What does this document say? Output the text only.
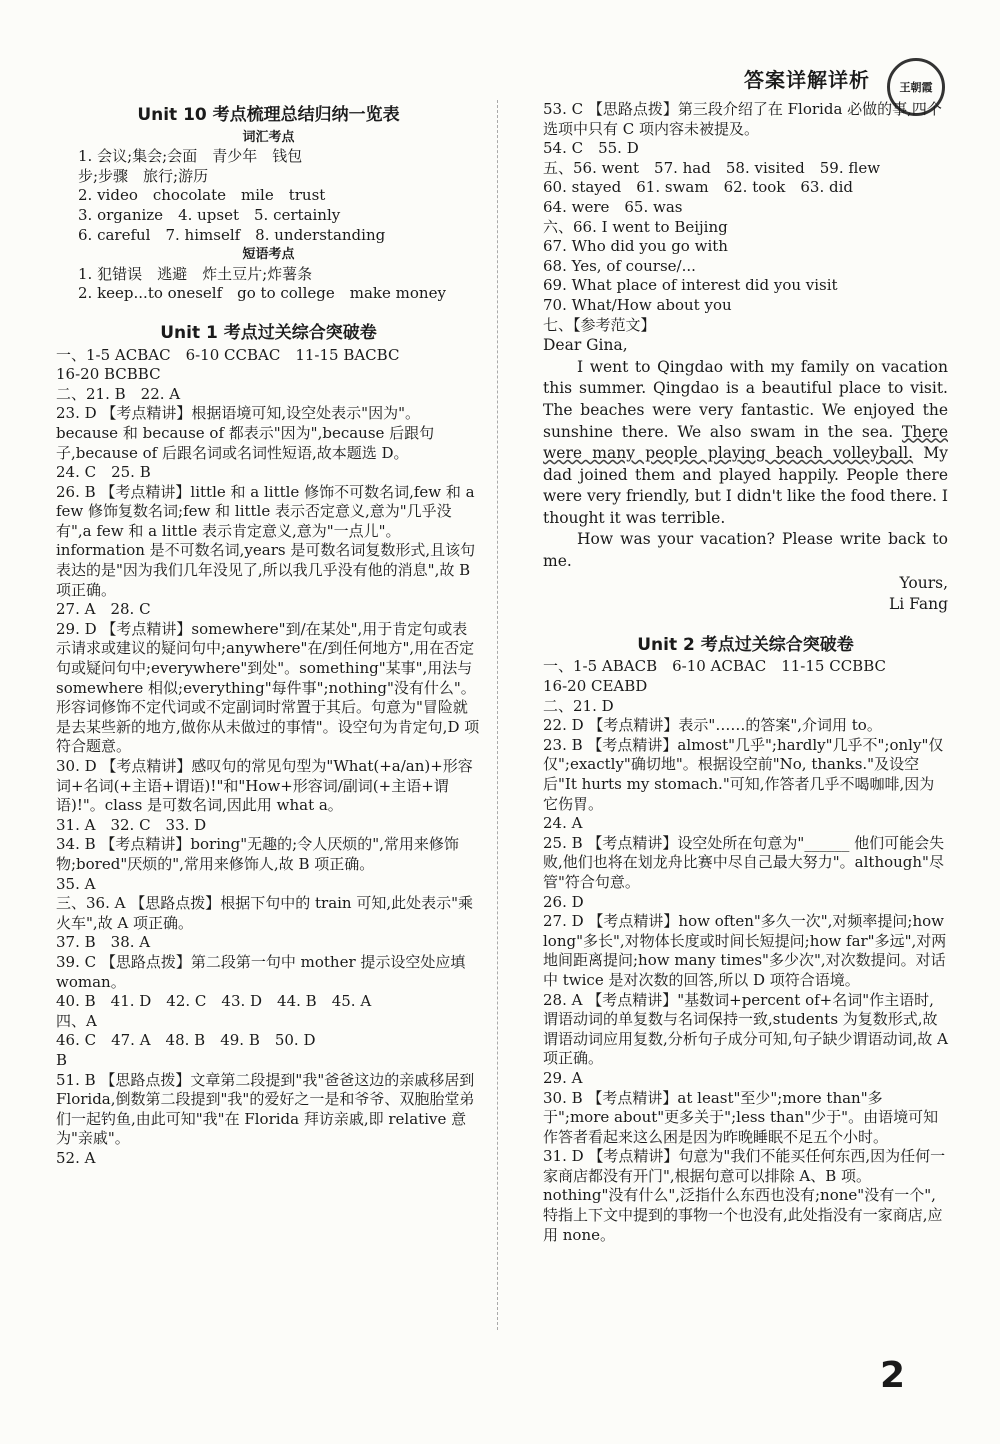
答案详解详析	王朝霞

Unit 10 考点梳理总结归纳一览表

词汇考点

1. 会议;集会;会面　青少年　钱包

步;步骤　旅行;游历

2. video　chocolate　mile　trust

3. organize　4. upset　5. certainly

6. careful　7. himself　8. understanding

短语考点

1. 犯错误　逃避　炸土豆片;炸薯条

2. keep...to oneself　go to college　make money

Unit 1 考点过关综合突破卷

一、1-5 ACBAC　6-10 CCBAC　11-15 BACBC

16-20 BCBBC

二、21. B　22. A

23. D 【考点精讲】根据语境可知,设空处表示"因为"。because 和 because of 都表示"因为",because 后跟句子,because of 后跟名词或名词性短语,故本题选 D。

24. C　25. B

26. B 【考点精讲】little 和 a little 修饰不可数名词,few 和 a few 修饰复数名词;few 和 little 表示否定意义,意为"几乎没有",a few 和 a little 表示肯定意义,意为"一点儿"。information 是不可数名词,years 是可数名词复数形式,且该句表达的是"因为我们几年没见了,所以我几乎没有他的消息",故 B 项正确。

27. A　28. C

29. D 【考点精讲】somewhere"到/在某处",用于肯定句或表示请求或建议的疑问句中;anywhere"在/到任何地方",用在否定句或疑问句中;everywhere"到处"。something"某事",用法与 somewhere 相似;everything"每件事";nothing"没有什么"。形容词修饰不定代词或不定副词时常置于其后。句意为"冒险就是去某些新的地方,做你从未做过的事情"。设空句为肯定句,D 项符合题意。

30. D 【考点精讲】感叹句的常见句型为"What(+a/an)+形容词+名词(+主语+谓语)!"和"How+形容词/副词(+主语+谓语)!"。class 是可数名词,因此用 what a。

31. A　32. C　33. D

34. B 【考点精讲】boring"无趣的;令人厌烦的",常用来修饰物;bored"厌烦的",常用来修饰人,故 B 项正确。

35. A

三、36. A 【思路点拨】根据下句中的 train 可知,此处表示"乘火车",故 A 项正确。

37. B　38. A

39. C 【思路点拨】第二段第一句中 mother 提示设空处应填 woman。

40. B　41. D　42. C　43. D　44. B　45. A

四、A

46. C　47. A　48. B　49. B　50. D

B

51. B 【思路点拨】文章第二段提到"我"爸爸这边的亲戚移居到 Florida,倒数第二段提到"我"的爱好之一是和爷爷、双胞胎堂弟们一起钓鱼,由此可知"我"在 Florida 拜访亲戚,即 relative 意为"亲戚"。

52. A

53. C 【思路点拨】第三段介绍了在 Florida 必做的事,四个选项中只有 C 项内容未被提及。

54. C　55. D

五、56. went　57. had　58. visited　59. flew

60. stayed　61. swam　62. took　63. did

64. were　65. was

六、66. I went to Beijing

67. Who did you go with

68. Yes, of course/...

69. What place of interest did you visit

70. What/How about you

七、【参考范文】

Dear Gina,

I went to Qingdao with my family on vacation this summer. Qingdao is a beautiful place to visit. The beaches were very fantastic. We enjoyed the sunshine there. We also swam in the sea. There were many people playing beach volleyball. My dad joined them and played happily. People there were very friendly, but I didn't like the food there. I thought it was terrible.

How was your vacation? Please write back to me.

Yours,

Li Fang

Unit 2 考点过关综合突破卷

一、1-5 ABACB　6-10 ACBAC　11-15 CCBBC

16-20 CEABD

二、21. D

22. D 【考点精讲】表示"……的答案",介词用 to。

23. B 【考点精讲】almost"几乎";hardly"几乎不";only"仅仅";exactly"确切地"。根据设空前"No, thanks."及设空后"It hurts my stomach."可知,作答者几乎不喝咖啡,因为它伤胃。

24. A

25. B 【考点精讲】设空处所在句意为"______ 他们可能会失败,他们也将在划龙舟比赛中尽自己最大努力"。although"尽管"符合句意。

26. D

27. D 【考点精讲】how often"多久一次",对频率提问;how long"多长",对物体长度或时间长短提问;how far"多远",对两地间距离提问;how many times"多少次",对次数提问。对话中 twice 是对次数的回答,所以 D 项符合语境。

28. A 【考点精讲】"基数词+percent of+名词"作主语时,谓语动词的单复数与名词保持一致,students 为复数形式,故谓语动词应用复数,分析句子成分可知,句子缺少谓语动词,故 A 项正确。

29. A

30. B 【考点精讲】at least"至少";more than"多于";more about"更多关于";less than"少于"。由语境可知作答者看起来这么困是因为昨晚睡眠不足五个小时。

31. D 【考点精讲】句意为"我们不能买任何东西,因为任何一家商店都没有开门",根据句意可以排除 A、B 项。nothing"没有什么",泛指什么东西也没有;none"没有一个",特指上下文中提到的事物一个也没有,此处指没有一家商店,应用 none。

2
